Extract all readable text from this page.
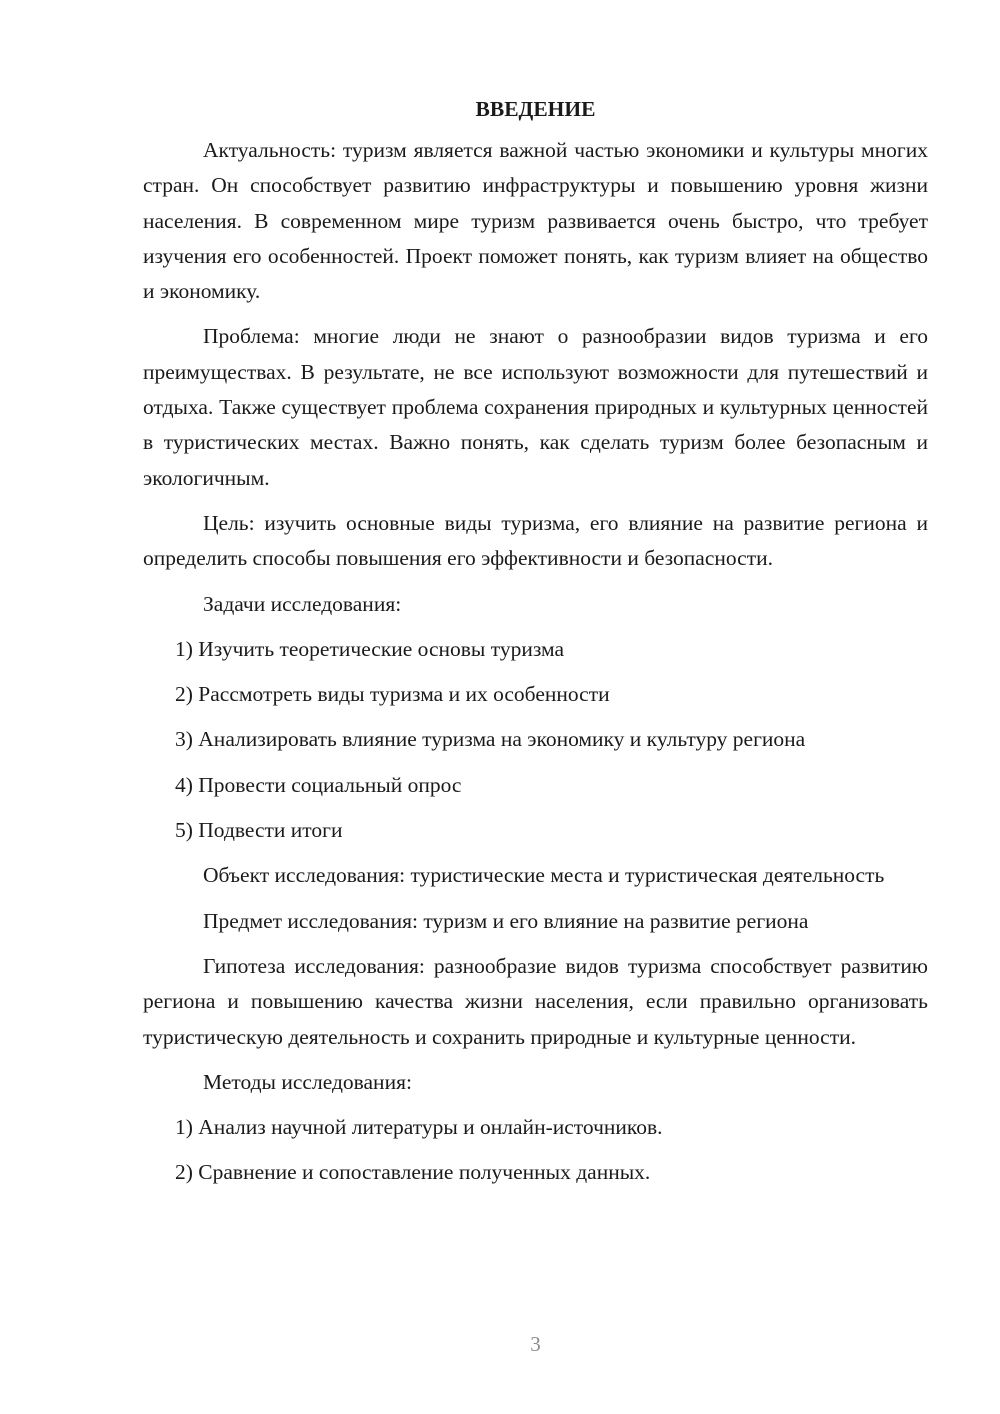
ВВЕДЕНИЕ

Актуальность: туризм является важной частью экономики и культуры многих стран. Он способствует развитию инфраструктуры и повышению уровня жизни населения. В современном мире туризм развивается очень быстро, что требует изучения его особенностей. Проект поможет понять, как туризм влияет на общество и экономику.

Проблема: многие люди не знают о разнообразии видов туризма и его преимуществах. В результате, не все используют возможности для путешествий и отдыха. Также существует проблема сохранения природных и культурных ценностей в туристических местах. Важно понять, как сделать туризм более безопасным и экологичным.

Цель: изучить основные виды туризма, его влияние на развитие региона и определить способы повышения его эффективности и безопасности.

Задачи исследования:

1) Изучить теоретические основы туризма
2) Рассмотреть виды туризма и их особенности
3) Анализировать влияние туризма на экономику и культуру региона
4) Провести социальный опрос
5) Подвести итоги

Объект исследования: туристические места и туристическая деятельность

Предмет исследования: туризм и его влияние на развитие региона

Гипотеза исследования: разнообразие видов туризма способствует развитию региона и повышению качества жизни населения, если правильно организовать туристическую деятельность и сохранить природные и культурные ценности.

Методы исследования:

1) Анализ научной литературы и онлайн-источников.
2) Сравнение и сопоставление полученных данных.
3
